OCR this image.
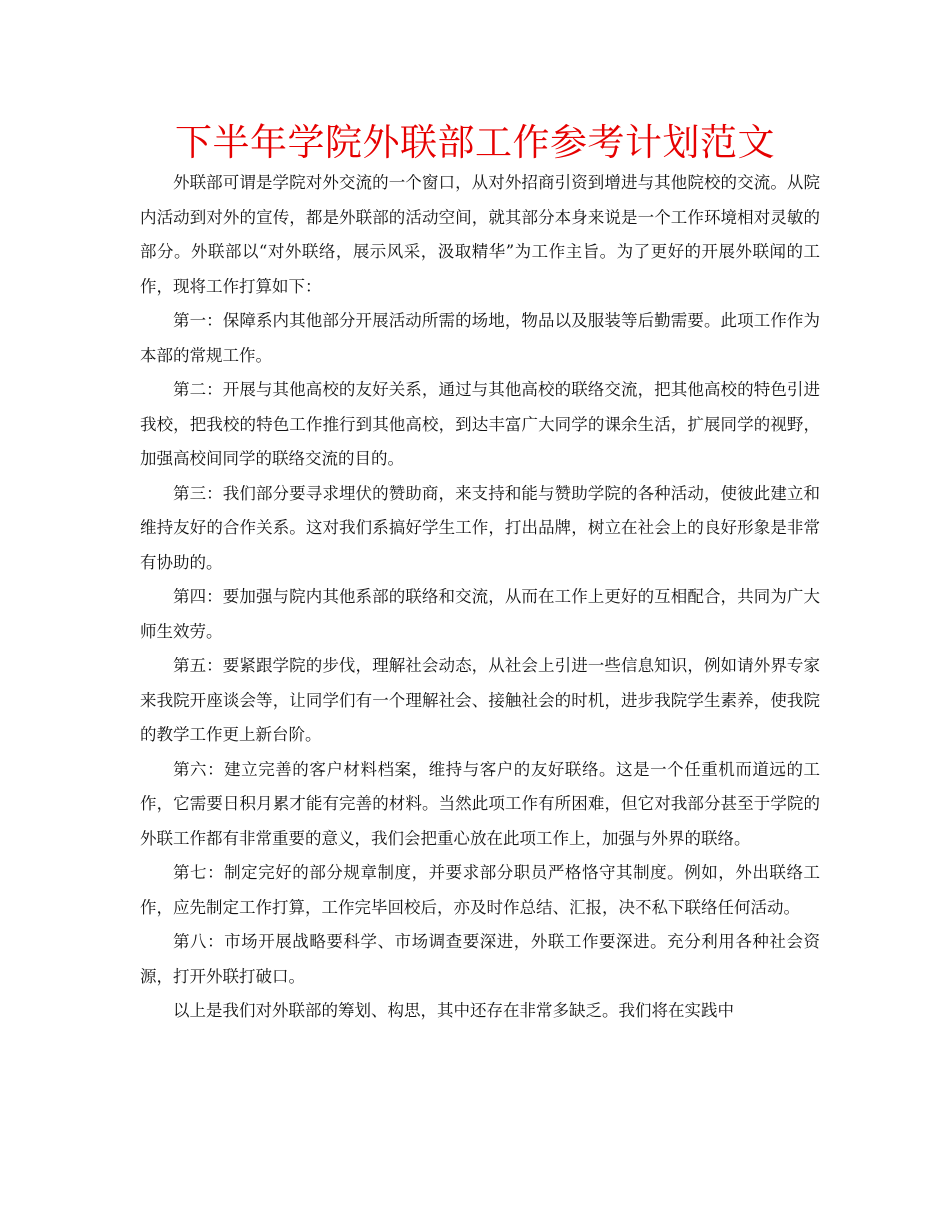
下半年学院外联部工作参考计划范文

外联部可谓是学院对外交流的一个窗口，从对外招商引资到增进与其他院校的交流。从院内活动到对外的宣传，都是外联部的活动空间，就其部分本身来说是一个工作环境相对灵敏的部分。外联部以“对外联络，展示风采，汲取精华”为工作主旨。为了更好的开展外联闻的工作，现将工作打算如下：

第一：保障系内其他部分开展活动所需的场地，物品以及服装等后勤需要。此项工作作为本部的常规工作。

第二：开展与其他高校的友好关系，通过与其他高校的联络交流，把其他高校的特色引进我校，把我校的特色工作推行到其他高校，到达丰富广大同学的课余生活，扩展同学的视野，加强高校间同学的联络交流的目的。

第三：我们部分要寻求埋伏的赞助商，来支持和能与赞助学院的各种活动，使彼此建立和维持友好的合作关系。这对我们系搞好学生工作，打出品牌，树立在社会上的良好形象是非常有协助的。

第四：要加强与院内其他系部的联络和交流，从而在工作上更好的互相配合，共同为广大师生效劳。

第五：要紧跟学院的步伐，理解社会动态，从社会上引进一些信息知识，例如请外界专家来我院开座谈会等，让同学们有一个理解社会、接触社会的时机，进步我院学生素养，使我院的教学工作更上新台阶。

第六：建立完善的客户材料档案，维持与客户的友好联络。这是一个任重机而道远的工作，它需要日积月累才能有完善的材料。当然此项工作有所困难，但它对我部分甚至于学院的外联工作都有非常重要的意义，我们会把重心放在此项工作上，加强与外界的联络。

第七：制定完好的部分规章制度，并要求部分职员严格恪守其制度。例如，外出联络工作，应先制定工作打算，工作完毕回校后，亦及时作总结、汇报，决不私下联络任何活动。

第八：市场开展战略要科学、市场调查要深进，外联工作要深进。充分利用各种社会资源，打开外联打破口。

以上是我们对外联部的筹划、构思，其中还存在非常多缺乏。我们将在实践中
